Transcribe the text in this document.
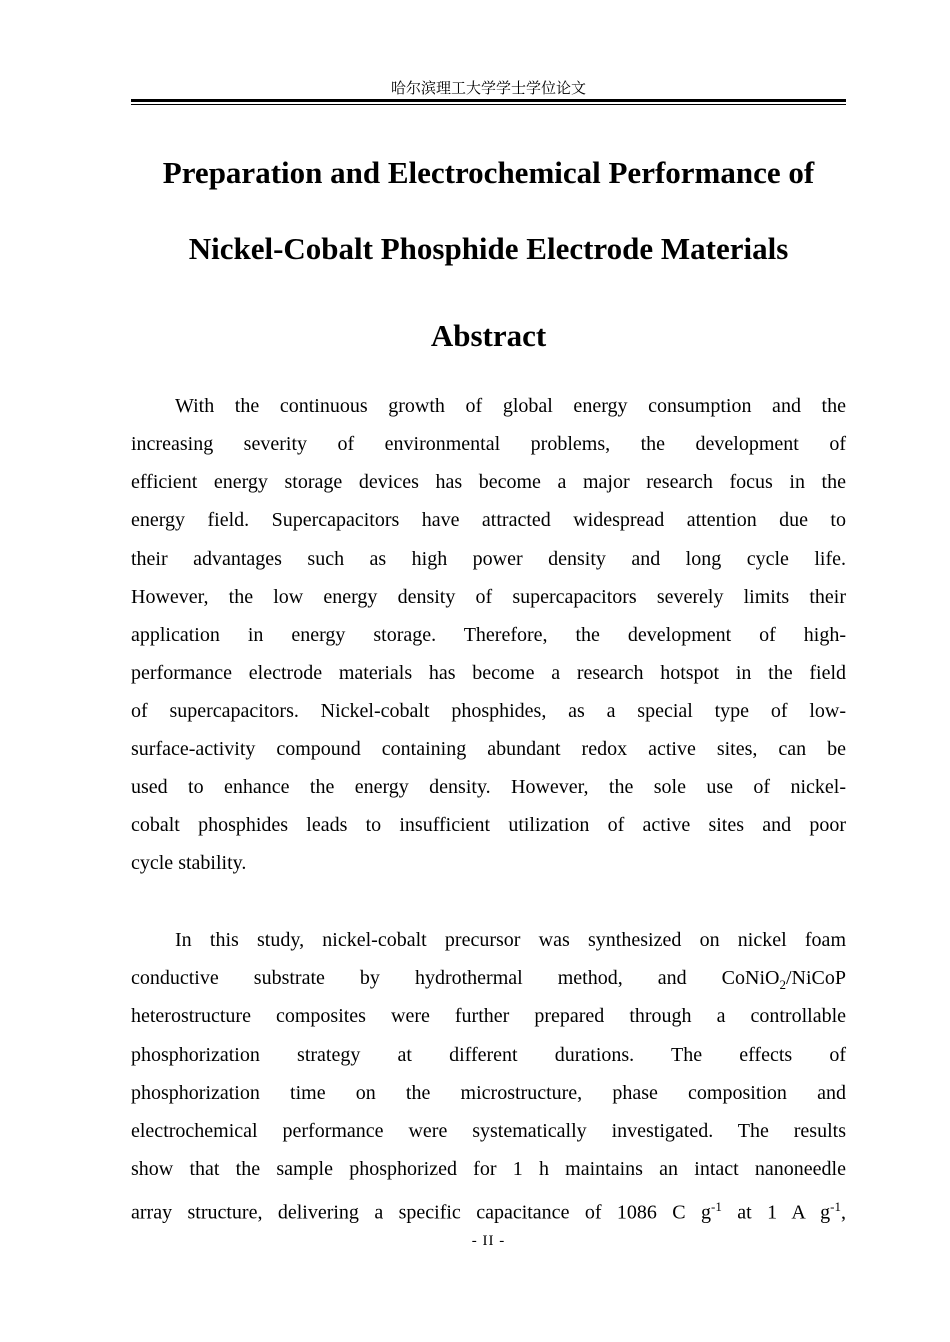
哈尔滨理工大学学士学位论文
Preparation and Electrochemical Performance of
Nickel-Cobalt Phosphide Electrode Materials
Abstract
With the continuous growth of global energy consumption and the
increasing severity of environmental problems, the development of
efficient energy storage devices has become a major research focus in the
energy field. Supercapacitors have attracted widespread attention due to
their advantages such as high power density and long cycle life.
However, the low energy density of supercapacitors severely limits their
application in energy storage. Therefore, the development of high-
performance electrode materials has become a research hotspot in the field
of supercapacitors. Nickel-cobalt phosphides, as a special type of low-
surface-activity compound containing abundant redox active sites, can be
used to enhance the energy density. However, the sole use of nickel-
cobalt phosphides leads to insufficient utilization of active sites and poor
cycle stability.
In this study, nickel-cobalt precursor was synthesized on nickel foam
conductive substrate by hydrothermal method, and CoNiO$_2$/NiCoP
heterostructure composites were further prepared through a controllable
phosphorization strategy at different durations. The effects of
phosphorization time on the microstructure, phase composition and
electrochemical performance were systematically investigated. The results
show that the sample phosphorized for 1 h maintains an intact nanoneedle
array structure, delivering a specific capacitance of 1086 C $g^{-1}$ at 1 A $g^{-1}$,
- II -
